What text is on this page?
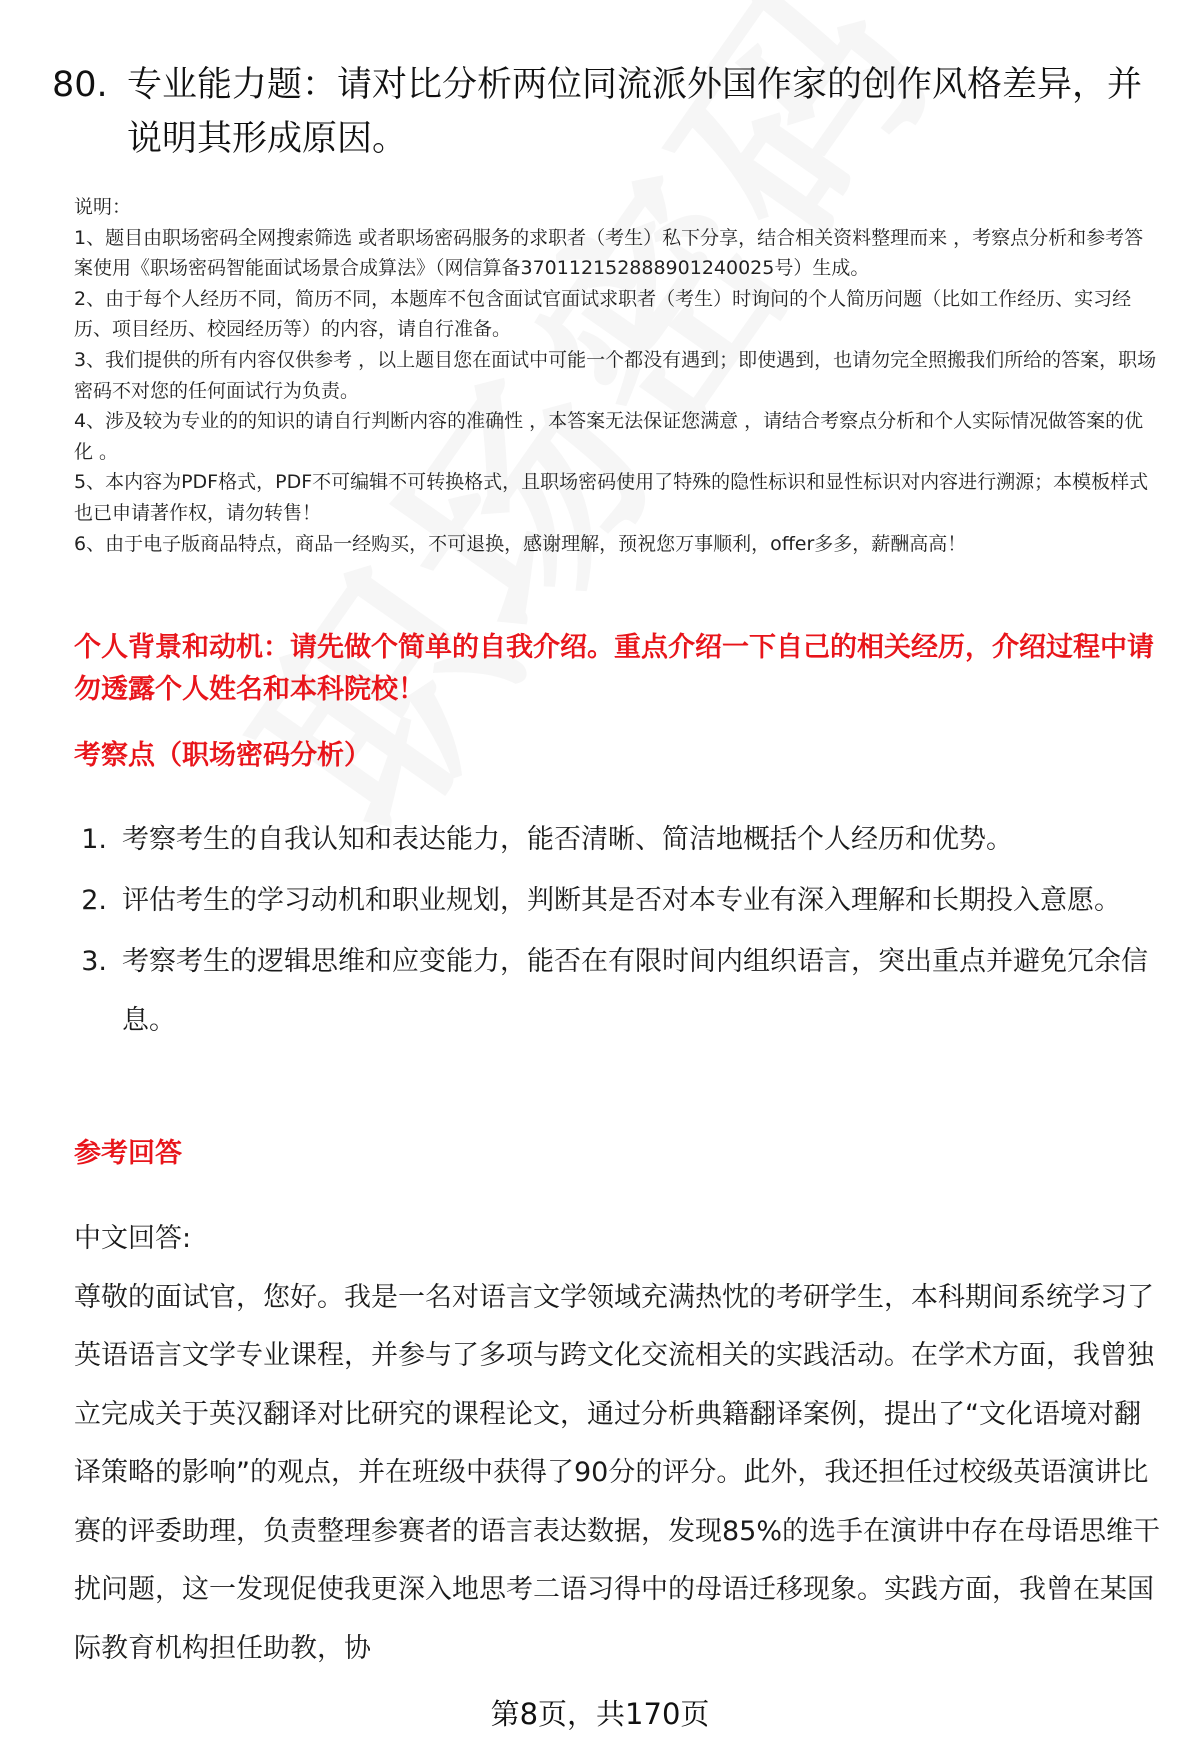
80. 专业能力题：请对比分析两位同流派外国作家的创作风格差异，并说明其形成原因。

说明：

1、题目由职场密码全网搜索筛选 或者职场密码服务的求职者（考生）私下分享，结合相关资料整理而来 ，考察点分析和参考答案使用《职场密码智能面试场景合成算法》（网信算备370112152888901240025号）生成。

2、由于每个人经历不同，简历不同，本题库不包含面试官面试求职者（考生）时询问的个人简历问题（比如工作经历、实习经历、项目经历、校园经历等）的内容，请自行准备。

3、我们提供的所有内容仅供参考 ，以上题目您在面试中可能一个都没有遇到；即使遇到，也请勿完全照搬我们所给的答案，职场密码不对您的任何面试行为负责。

4、涉及较为专业的的知识的请自行判断内容的准确性 ，本答案无法保证您满意 ，请结合考察点分析和个人实际情况做答案的优化 。

5、本内容为PDF格式，PDF不可编辑不可转换格式，且职场密码使用了特殊的隐性标识和显性标识对内容进行溯源；本模板样式也已申请著作权，请勿转售！

6、由于电子版商品特点，商品一经购买，不可退换，感谢理解，预祝您万事顺利，offer多多，薪酬高高！

个人背景和动机：请先做个简单的自我介绍。重点介绍一下自己的相关经历，介绍过程中请勿透露个人姓名和本科院校！
考察点（职场密码分析）
1. 考察考生的自我认知和表达能力，能否清晰、简洁地概括个人经历和优势。
2. 评估考生的学习动机和职业规划，判断其是否对本专业有深入理解和长期投入意愿。
3. 考察考生的逻辑思维和应变能力，能否在有限时间内组织语言，突出重点并避免冗余信息。
参考回答

中文回答:

尊敬的面试官，您好。我是一名对语言文学领域充满热忱的考研学生，本科期间系统学习了英语语言文学专业课程，并参与了多项与跨文化交流相关的实践活动。在学术方面，我曾独立完成关于英汉翻译对比研究的课程论文，通过分析典籍翻译案例，提出了“文化语境对翻译策略的影响”的观点，并在班级中获得了90分的评分。此外，我还担任过校级英语演讲比赛的评委助理，负责整理参赛者的语言表达数据，发现85%的选手在演讲中存在母语思维干扰问题，这一发现促使我更深入地思考二语习得中的母语迁移现象。实践方面，我曾在某国际教育机构担任助教，协

第8页，共170页
